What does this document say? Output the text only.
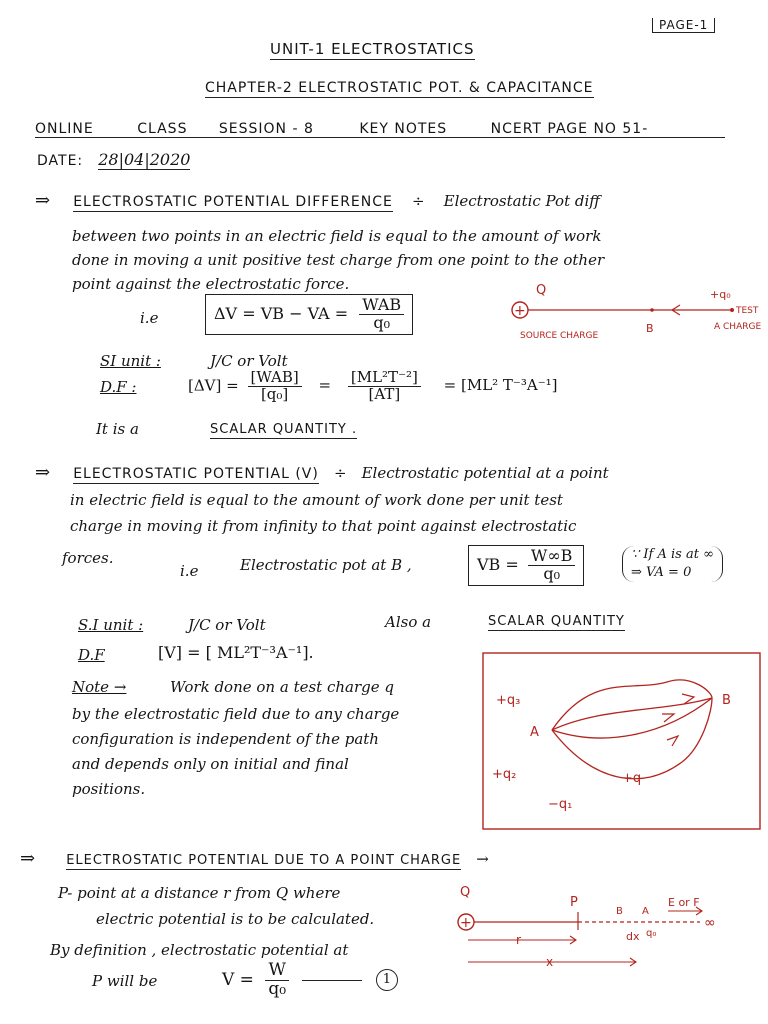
PAGE-1
UNIT-1 ELECTROSTATICS
CHAPTER-2 ELECTROSTATIC POT. & CAPACITANCE
ONLINE	CLASS SESSION - 8	KEY NOTES	NCERT PAGE NO 51-
DATE: 28|04|2020
⇒ ELECTROSTATIC POTENTIAL DIFFERENCE ÷ Electrostatic Pot diff
between two points in an electric field is equal to the amount of work
done in moving a unit positive test charge from one point to the other
point against the electrostatic force.
i.e	ΔV = VB − VA = $\frac{\text{WAB}}{\text{q₀}}$
Q
+
+q₀
TEST
A CHARGE
B
SOURCE CHARGE
SI unit :	J/C or Volt
D.F :	$[\Delta V] = \frac{\text{[WAB]}}{\text{[q₀]}} = \frac{\text{[ML²T⁻²]}}{[AT]} = [ML^2$ T⁻³A⁻¹]
It is a	SCALAR QUANTITY .
⇒ ELECTROSTATIC POTENTIAL (V) ÷ Electrostatic potential at a point
in electric field is equal to the amount of work done per unit test
charge in moving it from infinity to that point against electrostatic
forces.
i.e	Electrostatic pot at B ,	VB = $\frac{W\infty B}{\text{q₀}}$	∵ If A is at ∞
⇒ VA = 0
S.I unit :	J/C or Volt	Also a	SCALAR QUANTITY
D.F	[V] = [ ML²T⁻³A⁻¹].
Note →	Work done on a test charge q
by the electrostatic field due to any charge
configuration is independent of the path
and depends only on initial and final
positions.
+q₃
A
B
+q₂	+q
−q₁
⇒ ELECTROSTATIC POTENTIAL DUE TO A POINT CHARGE →
P- point at a distance r from Q where
electric potential is to be calculated.
By definition , electrostatic potential at
P will be	$V = \frac{W}{\text{q₀}}$	1
Q
+
P
B A
E or F
∞
dx q₀
r
x
